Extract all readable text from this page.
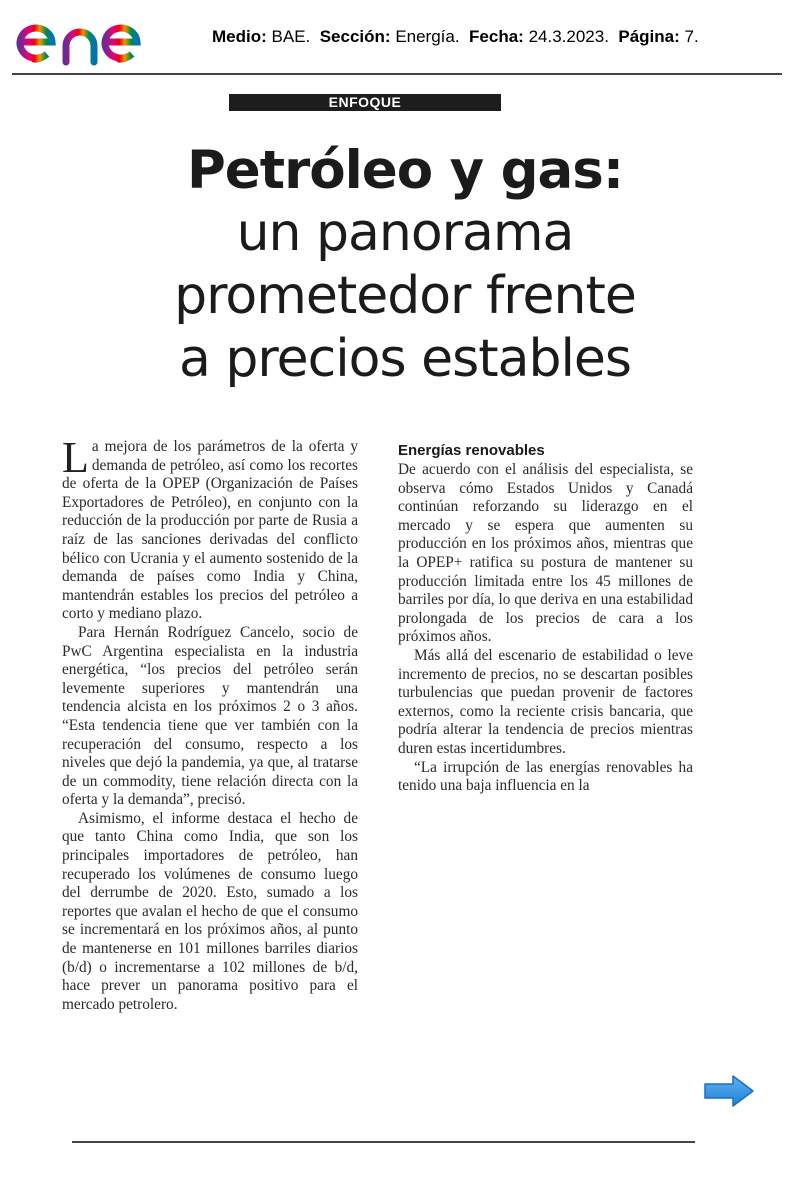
Medio: BAE. Sección: Energía. Fecha: 24.3.2023. Página: 7.
ENFOQUE
Petróleo y gas:
un panorama
prometedor frente
a precios estables

La mejora de los parámetros de la oferta y demanda de petróleo, así como los recortes de oferta de la OPEP (Organización de Países Exportadores de Petróleo), en conjunto con la reducción de la producción por parte de Rusia a raíz de las sanciones derivadas del conflicto bélico con Ucrania y el aumento sostenido de la demanda de países como India y China, mantendrán estables los precios del petróleo a corto y mediano plazo.

Para Hernán Rodríguez Cancelo, socio de PwC Argentina especialista en la industria energética, “los precios del petróleo serán levemente superiores y mantendrán una tendencia alcista en los próximos 2 o 3 años. “Esta tendencia tiene que ver también con la recuperación del consumo, respecto a los niveles que dejó la pandemia, ya que, al tratarse de un commodity, tiene relación directa con la oferta y la demanda”, precisó.

Asimismo, el informe destaca el hecho de que tanto China como India, que son los principales importadores de petróleo, han recuperado los volúmenes de consumo luego del derrumbe de 2020. Esto, sumado a los reportes que avalan el hecho de que el consumo se incrementará en los próximos años, al punto de mantenerse en 101 millones barriles diarios (b/d) o incrementarse a 102 millones de b/d, hace prever un panorama positivo para el mercado petrolero.

Energías renovables

De acuerdo con el análisis del especialista, se observa cómo Estados Unidos y Canadá continúan reforzando su liderazgo en el mercado y se espera que aumenten su producción en los próximos años, mientras que la OPEP+ ratifica su postura de mantener su producción limitada entre los 45 millones de barriles por día, lo que deriva en una estabilidad prolongada de los precios de cara a los próximos años.

Más allá del escenario de estabilidad o leve incremento de precios, no se descartan posibles turbulencias que puedan provenir de factores externos, como la reciente crisis bancaria, que podría alterar la tendencia de precios mientras duren estas incertidumbres.

“La irrupción de las energías renovables ha tenido una baja influencia en la
